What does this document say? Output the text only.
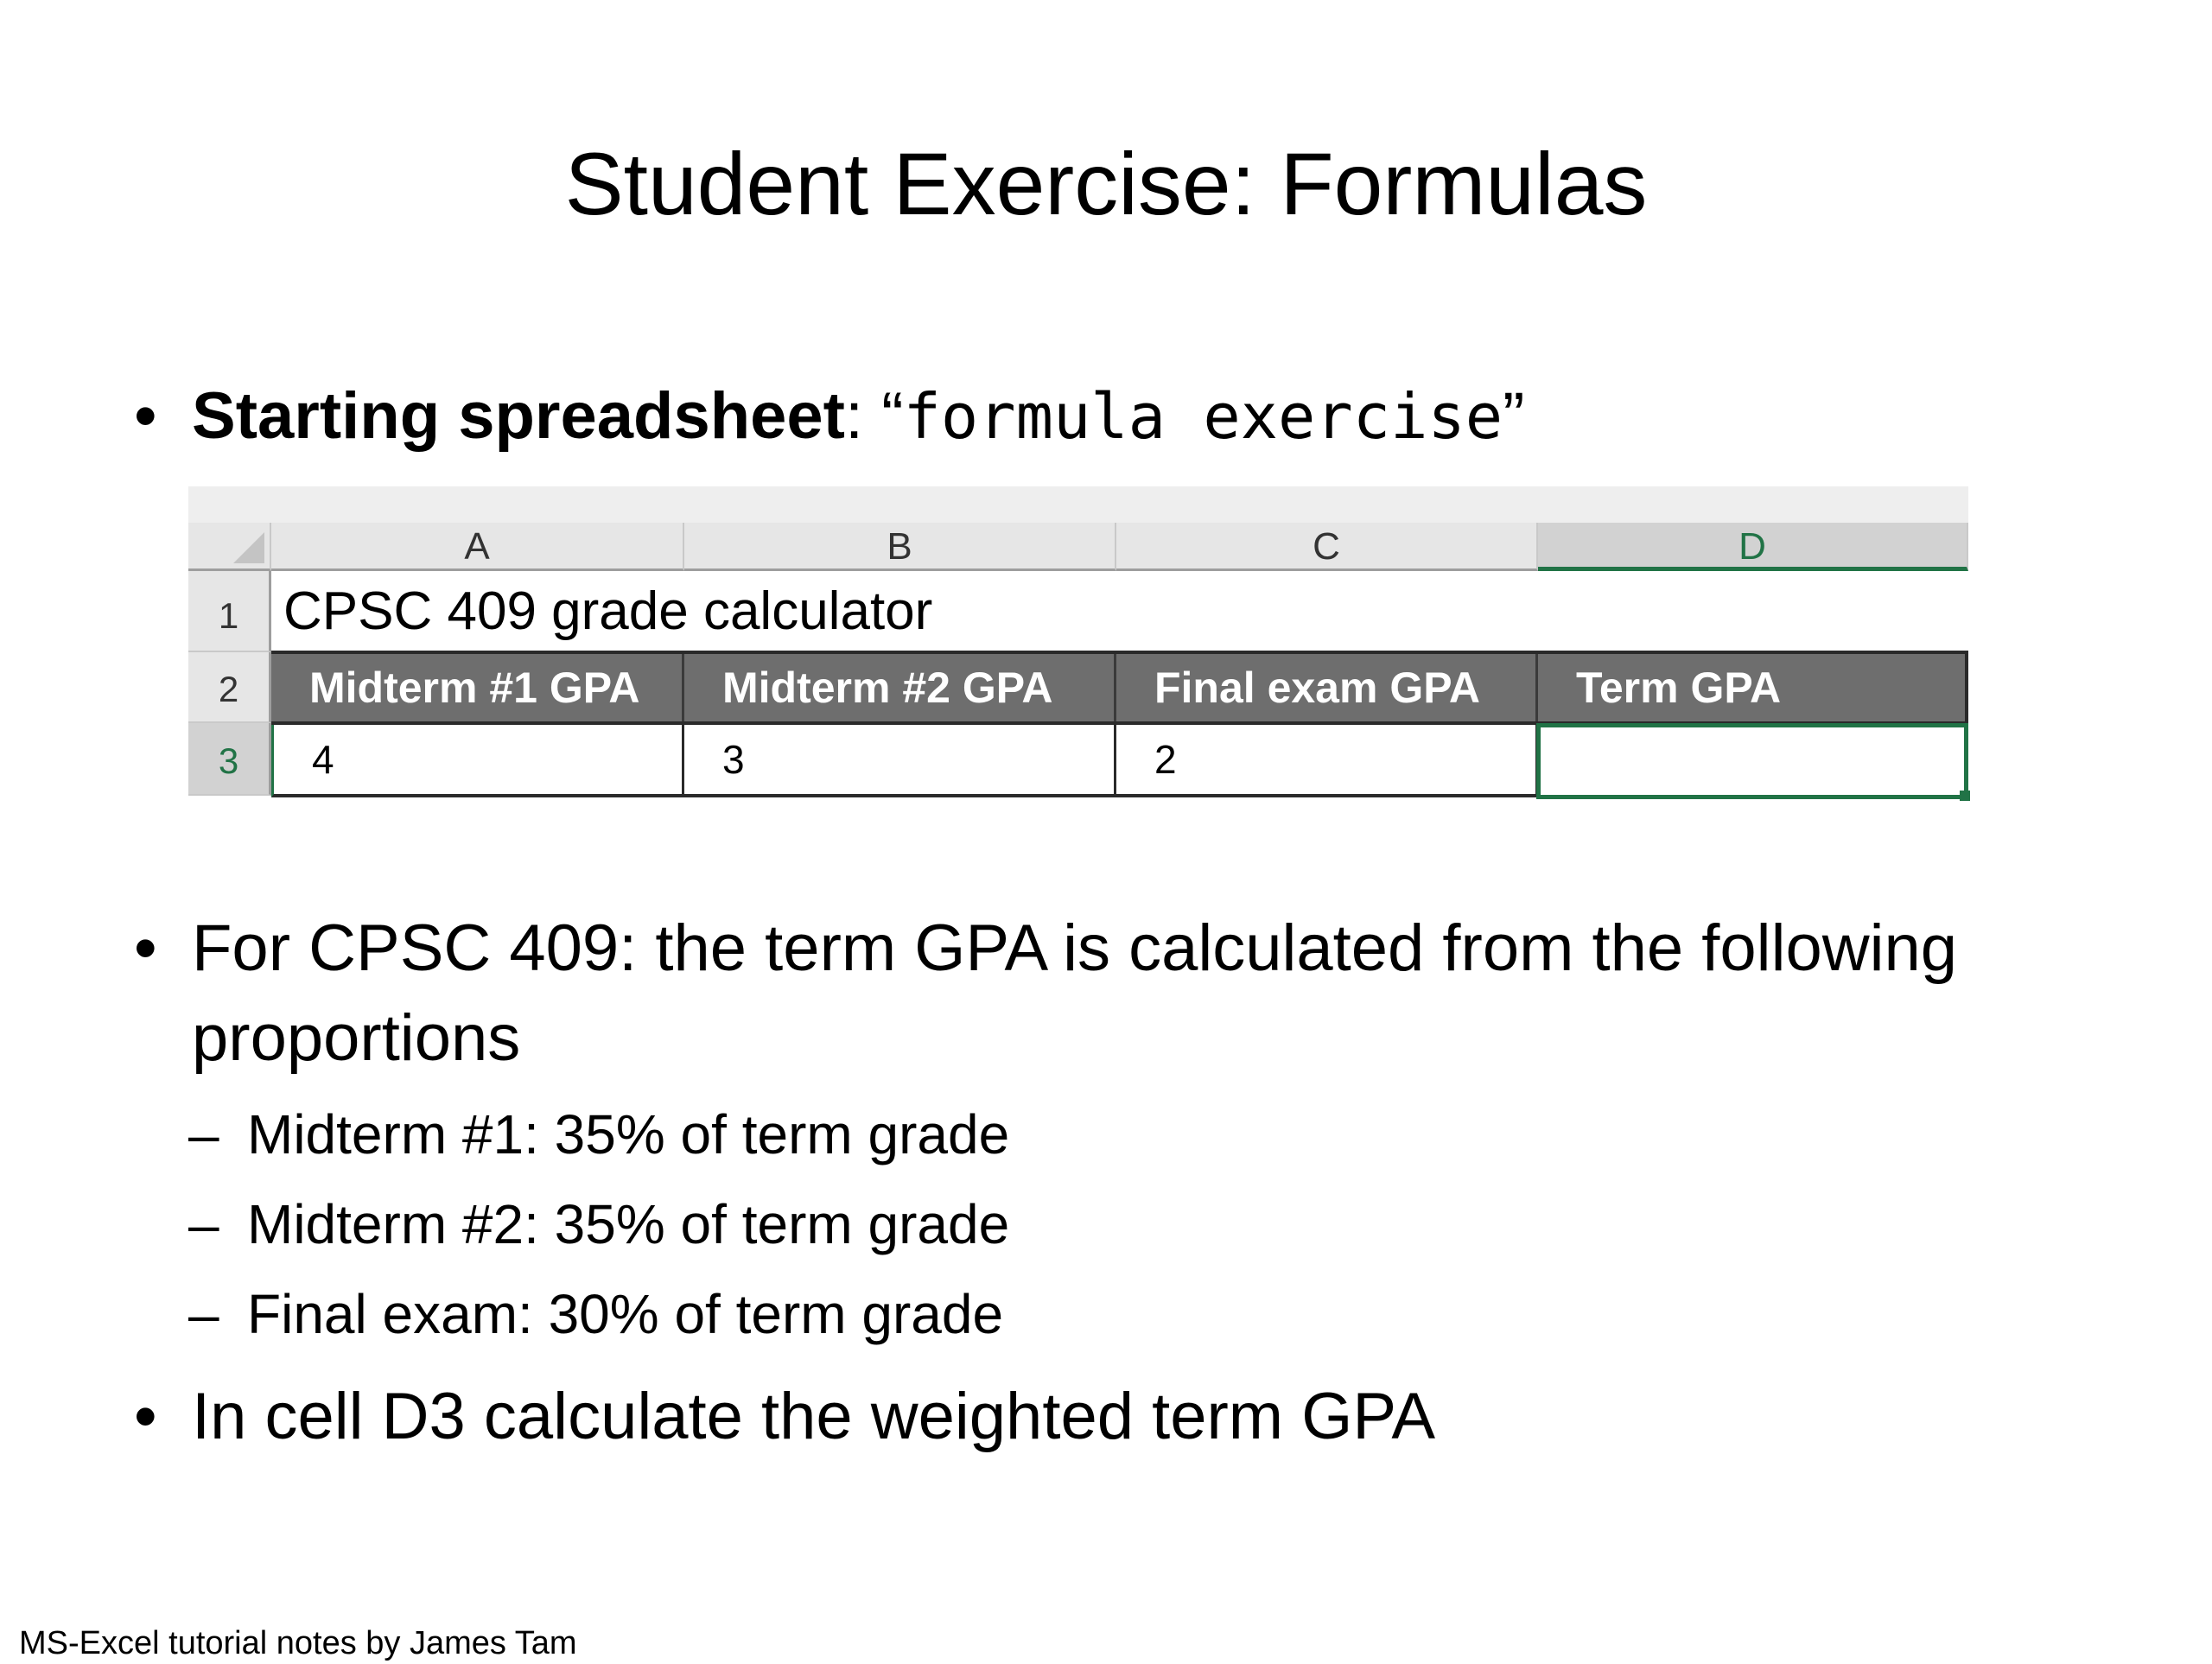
Student Exercise: Formulas
• Starting spreadsheet: “formula exercise”
A	B	C	D
1
2
3
CPSC 409 grade calculator
Midterm #1 GPA	Midterm #2 GPA	Final exam GPA	Term GPA
4	3	2
• For CPSC 409: the term GPA is calculated from the following
proportions
– Midterm #1: 35% of term grade
– Midterm #2: 35% of term grade
– Final exam: 30% of term grade
• In cell D3 calculate the weighted term GPA
MS-Excel tutorial notes by James Tam
